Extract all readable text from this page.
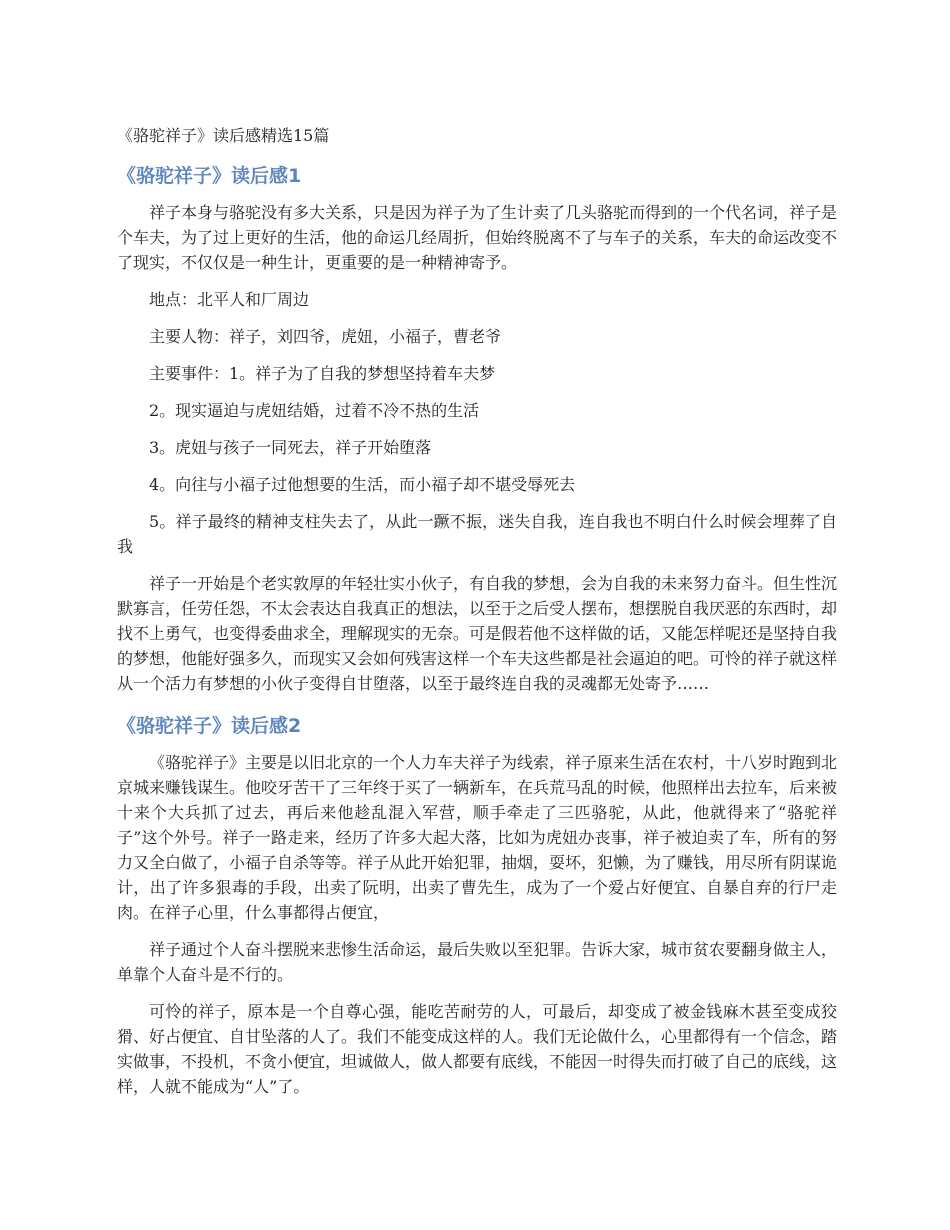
《骆驼祥子》读后感精选15篇
《骆驼祥子》读后感1

祥子本身与骆驼没有多大关系，只是因为祥子为了生计卖了几头骆驼而得到的一个代名词，祥子是个车夫，为了过上更好的生活，他的命运几经周折，但始终脱离不了与车子的关系，车夫的命运改变不了现实，不仅仅是一种生计，更重要的是一种精神寄予。

地点：北平人和厂周边

主要人物：祥子，刘四爷，虎妞，小福子，曹老爷

主要事件：1。祥子为了自我的梦想坚持着车夫梦

2。现实逼迫与虎妞结婚，过着不冷不热的生活

3。虎妞与孩子一同死去，祥子开始堕落

4。向往与小福子过他想要的生活，而小福子却不堪受辱死去

5。祥子最终的精神支柱失去了，从此一蹶不振，迷失自我，连自我也不明白什么时候会埋葬了自我

祥子一开始是个老实敦厚的年轻壮实小伙子，有自我的梦想，会为自我的未来努力奋斗。但生性沉默寡言，任劳任怨，不太会表达自我真正的想法，以至于之后受人摆布，想摆脱自我厌恶的东西时，却找不上勇气，也变得委曲求全，理解现实的无奈。可是假若他不这样做的话，又能怎样呢还是坚持自我的梦想，他能好强多久，而现实又会如何残害这样一个车夫这些都是社会逼迫的吧。可怜的祥子就这样从一个活力有梦想的小伙子变得自甘堕落，以至于最终连自我的灵魂都无处寄予……

《骆驼祥子》读后感2

《骆驼祥子》主要是以旧北京的一个人力车夫祥子为线索，祥子原来生活在农村，十八岁时跑到北京城来赚钱谋生。他咬牙苦干了三年终于买了一辆新车，在兵荒马乱的时候，他照样出去拉车，后来被十来个大兵抓了过去，再后来他趁乱混入军营，顺手牵走了三匹骆驼，从此，他就得来了“骆驼祥子”这个外号。祥子一路走来，经历了许多大起大落，比如为虎妞办丧事，祥子被迫卖了车，所有的努力又全白做了，小福子自杀等等。祥子从此开始犯罪，抽烟，耍坏，犯懒，为了赚钱，用尽所有阴谋诡计，出了许多狠毒的手段，出卖了阮明，出卖了曹先生，成为了一个爱占好便宜、自暴自弃的行尸走肉。在祥子心里，什么事都得占便宜，

祥子通过个人奋斗摆脱来悲惨生活命运，最后失败以至犯罪。告诉大家，城市贫农要翻身做主人，单靠个人奋斗是不行的。

可怜的祥子，原本是一个自尊心强，能吃苦耐劳的人，可最后，却变成了被金钱麻木甚至变成狡猾、好占便宜、自甘坠落的人了。我们不能变成这样的人。我们无论做什么，心里都得有一个信念，踏实做事，不投机，不贪小便宜，坦诚做人，做人都要有底线，不能因一时得失而打破了自己的底线，这样，人就不能成为“人”了。
